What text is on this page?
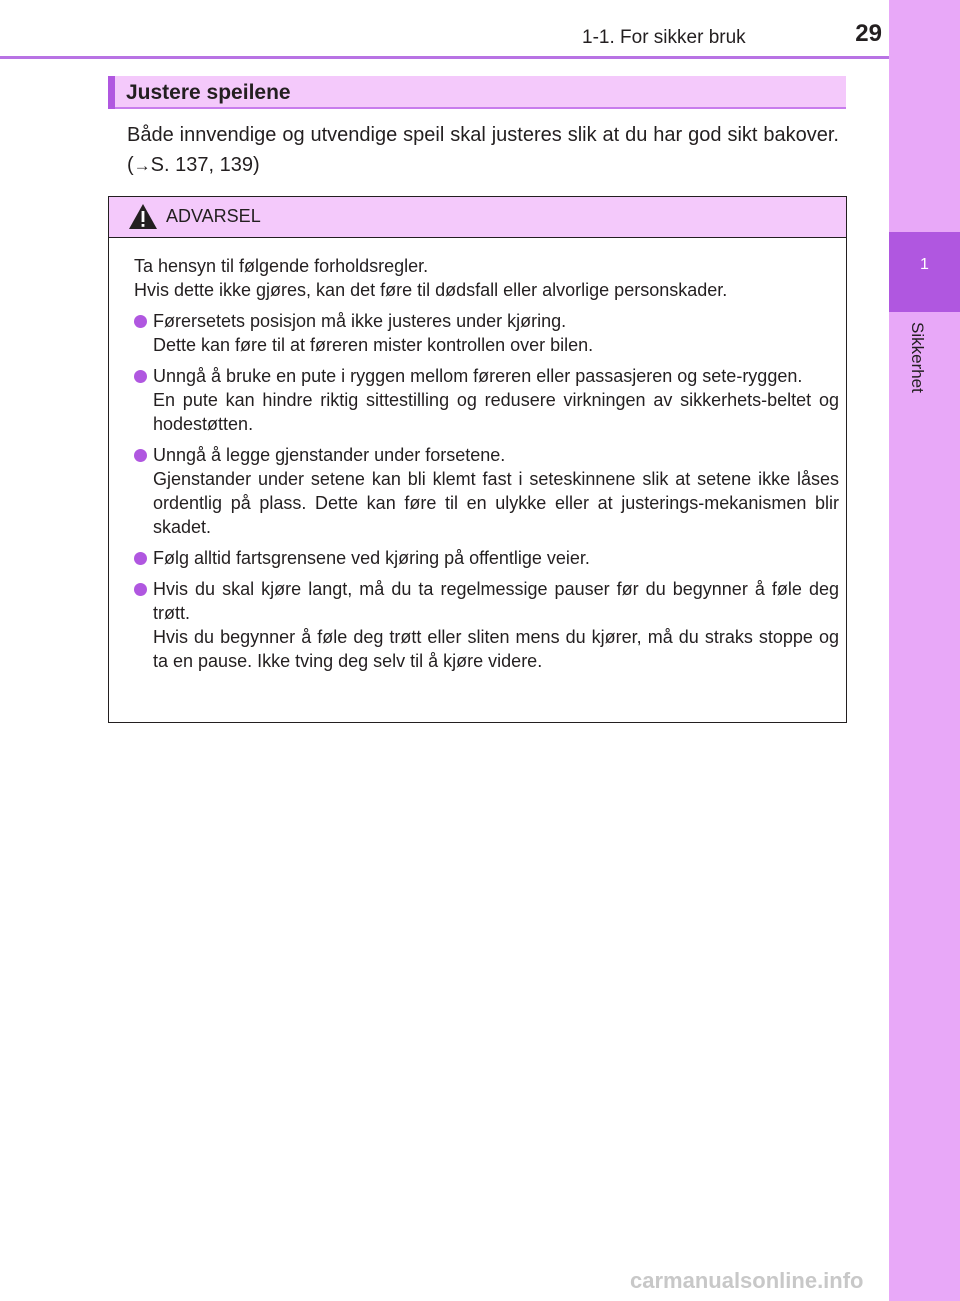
1
Sikkerhet
1-1. For sikker bruk	29
Justere speilene
Både innvendige og utvendige speil skal justeres slik at du har god sikt bakover. (→S. 137, 139)
ADVARSEL

Ta hensyn til følgende forholdsregler.

Hvis dette ikke gjøres, kan det føre til dødsfall eller alvorlige personskader.

Førersetets posisjon må ikke justeres under kjøring.

Dette kan føre til at føreren mister kontrollen over bilen.

Unngå å bruke en pute i ryggen mellom føreren eller passasjeren og sete-ryggen.

En pute kan hindre riktig sittestilling og redusere virkningen av sikkerhets-beltet og hodestøtten.

Unngå å legge gjenstander under forsetene.

Gjenstander under setene kan bli klemt fast i seteskinnene slik at setene ikke låses ordentlig på plass. Dette kan føre til en ulykke eller at justerings-mekanismen blir skadet.

Følg alltid fartsgrensene ved kjøring på offentlige veier.

Hvis du skal kjøre langt, må du ta regelmessige pauser før du begynner å føle deg trøtt.

Hvis du begynner å føle deg trøtt eller sliten mens du kjører, må du straks stoppe og ta en pause. Ikke tving deg selv til å kjøre videre.

carmanualsonline.info
